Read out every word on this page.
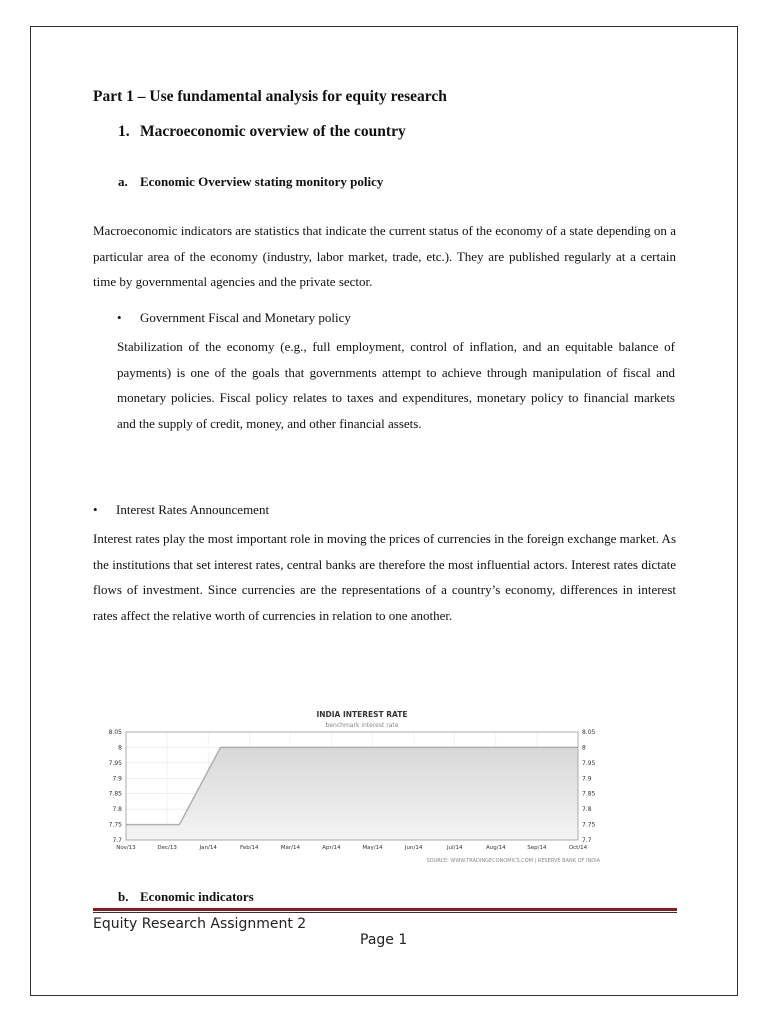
Part 1 – Use fundamental analysis for equity research
1. Macroeconomic overview of the country
a. Economic Overview stating monitory policy
Macroeconomic indicators are statistics that indicate the current status of the economy of a state depending on a particular area of the economy (industry, labor market, trade, etc.). They are published regularly at a certain time by governmental agencies and the private sector.
• Government Fiscal and Monetary policy
Stabilization of the economy (e.g., full employment, control of inflation, and an equitable balance of payments) is one of the goals that governments attempt to achieve through manipulation of fiscal and monetary policies. Fiscal policy relates to taxes and expenditures, monetary policy to financial markets and the supply of credit, money, and other financial assets.
• Interest Rates Announcement
Interest rates play the most important role in moving the prices of currencies in the foreign exchange market. As the institutions that set interest rates, central banks are therefore the most influential actors. Interest rates dictate flows of investment. Since currencies are the representations of a country’s economy, differences in interest rates affect the relative worth of currencies in relation to one another.
INDIA INTEREST RATE
benchmark interest rate
7.7
7.75
7.8
7.85
7.9
7.95
8
8.05
7.7
7.75
7.8
7.85
7.9
7.95
8
8.05
Nov/13	Dec/13	Jan/14	Feb/14	Mar/14	Apr/14	May/14	Jun/14	Jul/14	Aug/14	Sep/14	Oct/14
SOURCE: WWW.TRADINGECONOMICS.COM | RESERVE BANK OF INDIA
b. Economic indicators
Equity Research Assignment 2
Page 1
